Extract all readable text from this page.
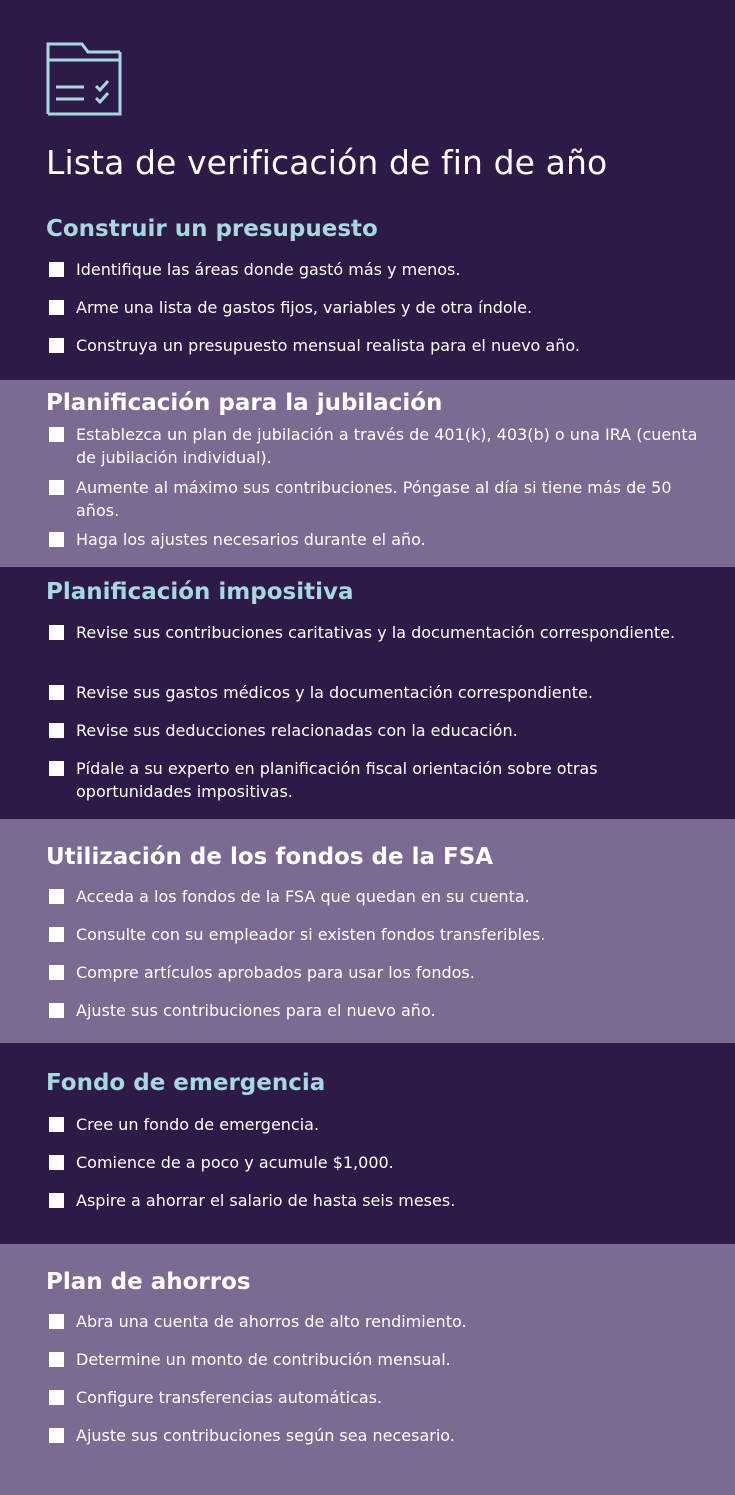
Lista de verificación de fin de año
Construir un presupuesto
Identifique las áreas donde gastó más y menos.
Arme una lista de gastos fijos, variables y de otra índole.
Construya un presupuesto mensual realista para el nuevo año.
Planificación para la jubilación
Establezca un plan de jubilación a través de 401(k), 403(b) o una IRA (cuenta de jubilación individual).
Aumente al máximo sus contribuciones. Póngase al día si tiene más de 50 años.
Haga los ajustes necesarios durante el año.
Planificación impositiva
Revise sus contribuciones caritativas y la documentación correspondiente.
Revise sus gastos médicos y la documentación correspondiente.
Revise sus deducciones relacionadas con la educación.
Pídale a su experto en planificación fiscal orientación sobre otras oportunidades impositivas.
Utilización de los fondos de la FSA
Acceda a los fondos de la FSA que quedan en su cuenta.
Consulte con su empleador si existen fondos transferibles.
Compre artículos aprobados para usar los fondos.
Ajuste sus contribuciones para el nuevo año.
Fondo de emergencia
Cree un fondo de emergencia.
Comience de a poco y acumule $1,000.
Aspire a ahorrar el salario de hasta seis meses.
Plan de ahorros
Abra una cuenta de ahorros de alto rendimiento.
Determine un monto de contribución mensual.
Configure transferencias automáticas.
Ajuste sus contribuciones según sea necesario.
